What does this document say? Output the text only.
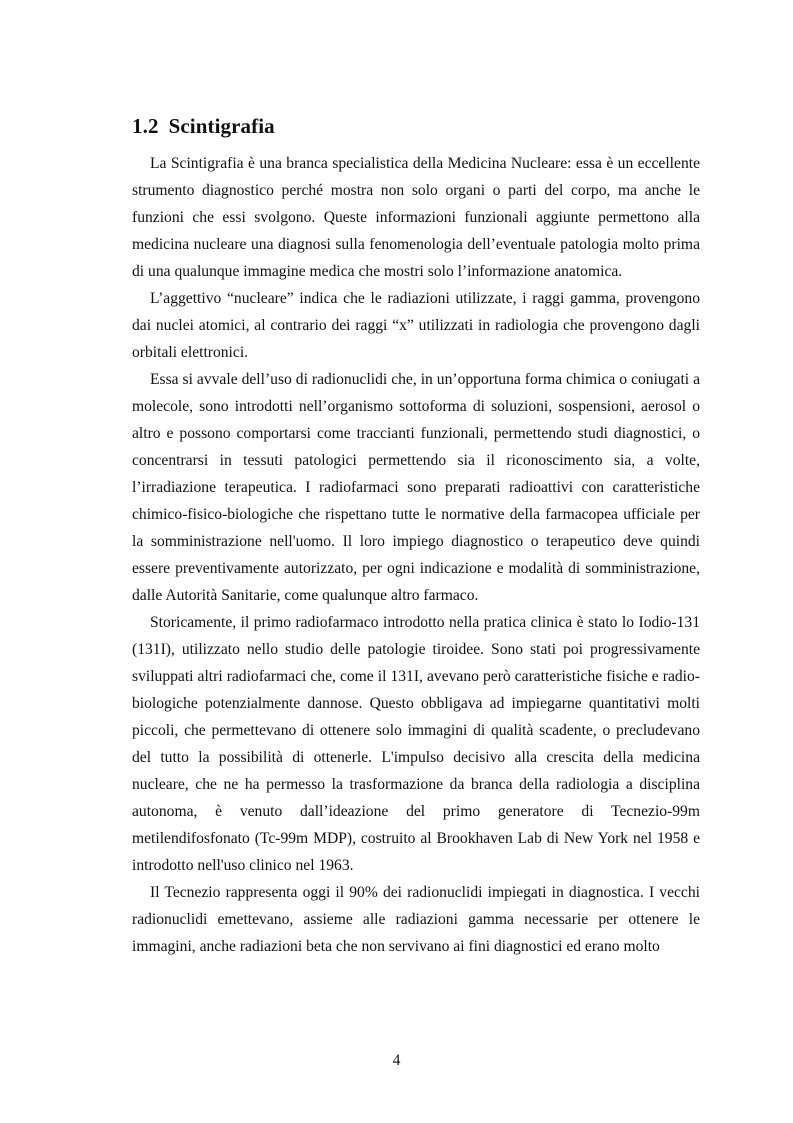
1.2 Scintigrafia

La Scintigrafia è una branca specialistica della Medicina Nucleare: essa è un eccellente strumento diagnostico perché mostra non solo organi o parti del corpo, ma anche le funzioni che essi svolgono. Queste informazioni funzionali aggiunte permettono alla medicina nucleare una diagnosi sulla fenomenologia dell’eventuale patologia molto prima di una qualunque immagine medica che mostri solo l’informazione anatomica.

L’aggettivo “nucleare” indica che le radiazioni utilizzate, i raggi gamma, provengono dai nuclei atomici, al contrario dei raggi “x” utilizzati in radiologia che provengono dagli orbitali elettronici.

Essa si avvale dell’uso di radionuclidi che, in un’opportuna forma chimica o coniugati a molecole, sono introdotti nell’organismo sottoforma di soluzioni, sospensioni, aerosol o altro e possono comportarsi come traccianti funzionali, permettendo studi diagnostici, o concentrarsi in tessuti patologici permettendo sia il riconoscimento sia, a volte, l’irradiazione terapeutica. I radiofarmaci sono preparati radioattivi con caratteristiche chimico-fisico-biologiche che rispettano tutte le normative della farmacopea ufficiale per la somministrazione nell'uomo. Il loro impiego diagnostico o terapeutico deve quindi essere preventivamente autorizzato, per ogni indicazione e modalità di somministrazione, dalle Autorità Sanitarie, come qualunque altro farmaco.

Storicamente, il primo radiofarmaco introdotto nella pratica clinica è stato lo Iodio-131 (131I), utilizzato nello studio delle patologie tiroidee. Sono stati poi progressivamente sviluppati altri radiofarmaci che, come il 131I, avevano però caratteristiche fisiche e radio-biologiche potenzialmente dannose. Questo obbligava ad impiegarne quantitativi molti piccoli, che permettevano di ottenere solo immagini di qualità scadente, o precludevano del tutto la possibilità di ottenerle. L'impulso decisivo alla crescita della medicina nucleare, che ne ha permesso la trasformazione da branca della radiologia a disciplina autonoma, è venuto dall’ideazione del primo generatore di Tecnezio-99m metilendifosfonato (Tc-99m MDP), costruito al Brookhaven Lab di New York nel 1958 e introdotto nell'uso clinico nel 1963.

Il Tecnezio rappresenta oggi il 90% dei radionuclidi impiegati in diagnostica. I vecchi radionuclidi emettevano, assieme alle radiazioni gamma necessarie per ottenere le immagini, anche radiazioni beta che non servivano ai fini diagnostici ed erano molto

4
